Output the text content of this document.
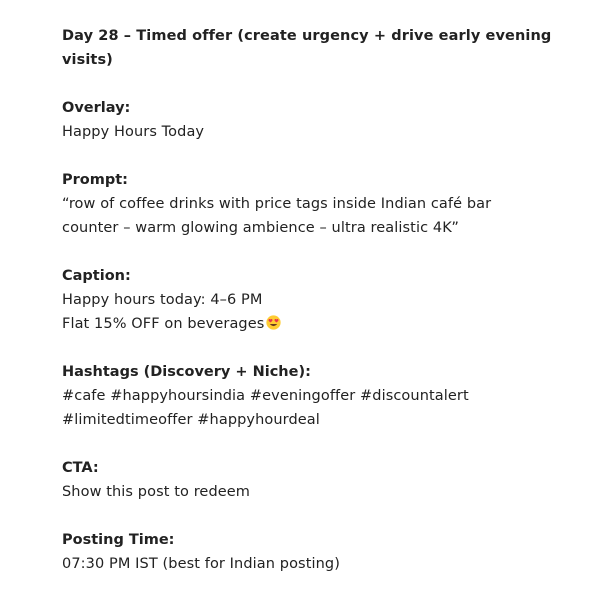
Day 28 – Timed offer (create urgency + drive early evening visits)

Overlay:

Happy Hours Today

Prompt:

“row of coffee drinks with price tags inside Indian café bar

counter – warm glowing ambience – ultra realistic 4K”

Caption:

Happy hours today: 4–6 PM

Flat 15% OFF on beverages

Hashtags (Discovery + Niche):

#cafe #happyhoursindia #eveningoffer #discountalert

#limitedtimeoffer #happyhourdeal

CTA:

Show this post to redeem

Posting Time:

07:30 PM IST (best for Indian posting)
